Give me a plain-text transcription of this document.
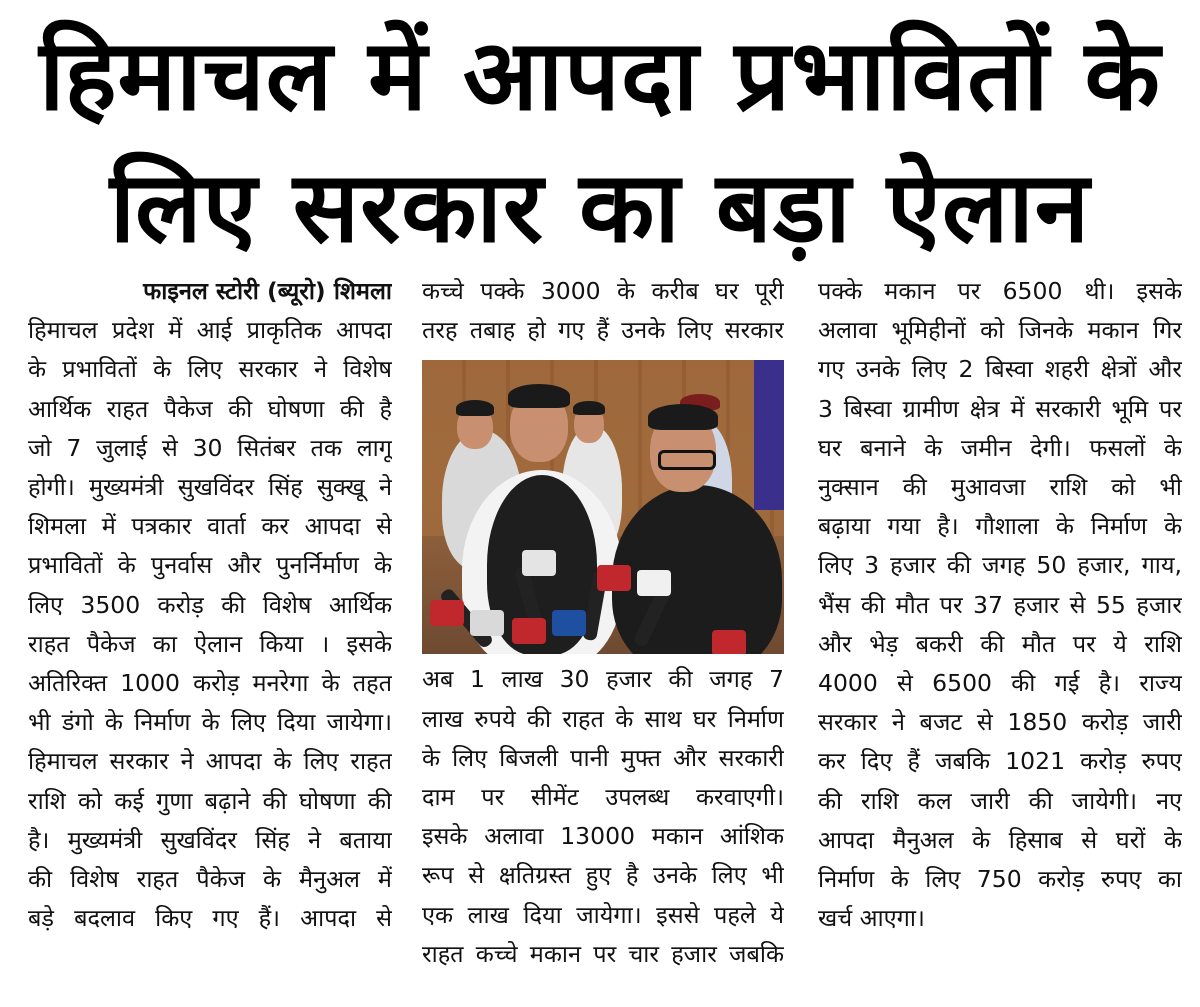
हिमाचल में आपदा प्रभावितों के
लिए सरकार का बड़ा ऐलान

फाइनल स्टोरी (ब्यूरो) शिमला

हिमाचल प्रदेश में आई प्राकृतिक आपदा

के प्रभावितों के लिए सरकार ने विशेष

आर्थिक राहत पैकेज की घोषणा की है

जो 7 जुलाई से 30 सितंबर तक लागू

होगी। मुख्यमंत्री सुखविंदर सिंह सुक्खू ने

शिमला में पत्रकार वार्ता कर आपदा से

प्रभावितों के पुनर्वास और पुनर्निर्माण के

लिए 3500 करोड़ की विशेष आर्थिक

राहत पैकेज का ऐलान किया । इसके

अतिरिक्त 1000 करोड़ मनरेगा के तहत

भी डंगो के निर्माण के लिए दिया जायेगा।

हिमाचल सरकार ने आपदा के लिए राहत

राशि को कई गुणा बढ़ाने की घोषणा की

है। मुख्यमंत्री सुखविंदर सिंह ने बताया

की विशेष राहत पैकेज के मैनुअल में

बड़े बदलाव किए गए हैं। आपदा से

कच्चे पक्के 3000 के करीब घर पूरी

तरह तबाह हो गए हैं उनके लिए सरकार

अब 1 लाख 30 हजार की जगह 7

लाख रुपये की राहत के साथ घर निर्माण

के लिए बिजली पानी मुफ्त और सरकारी

दाम पर सीमेंट उपलब्ध करवाएगी।

इसके अलावा 13000 मकान आंशिक

रूप से क्षतिग्रस्त हुए है उनके लिए भी

एक लाख दिया जायेगा। इससे पहले ये

राहत कच्चे मकान पर चार हजार जबकि

पक्के मकान पर 6500 थी। इसके

अलावा भूमिहीनों को जिनके मकान गिर

गए उनके लिए 2 बिस्वा शहरी क्षेत्रों और

3 बिस्वा ग्रामीण क्षेत्र में सरकारी भूमि पर

घर बनाने के जमीन देगी। फसलों के

नुक्सान की मुआवजा राशि को भी

बढ़ाया गया है। गौशाला के निर्माण के

लिए 3 हजार की जगह 50 हजार, गाय,

भैंस की मौत पर 37 हजार से 55 हजार

और भेड़ बकरी की मौत पर ये राशि

4000 से 6500 की गई है। राज्य

सरकार ने बजट से 1850 करोड़ जारी

कर दिए हैं जबकि 1021 करोड़ रुपए

की राशि कल जारी की जायेगी। नए

आपदा मैनुअल के हिसाब से घरों के

निर्माण के लिए 750 करोड़ रुपए का

खर्च आएगा।
